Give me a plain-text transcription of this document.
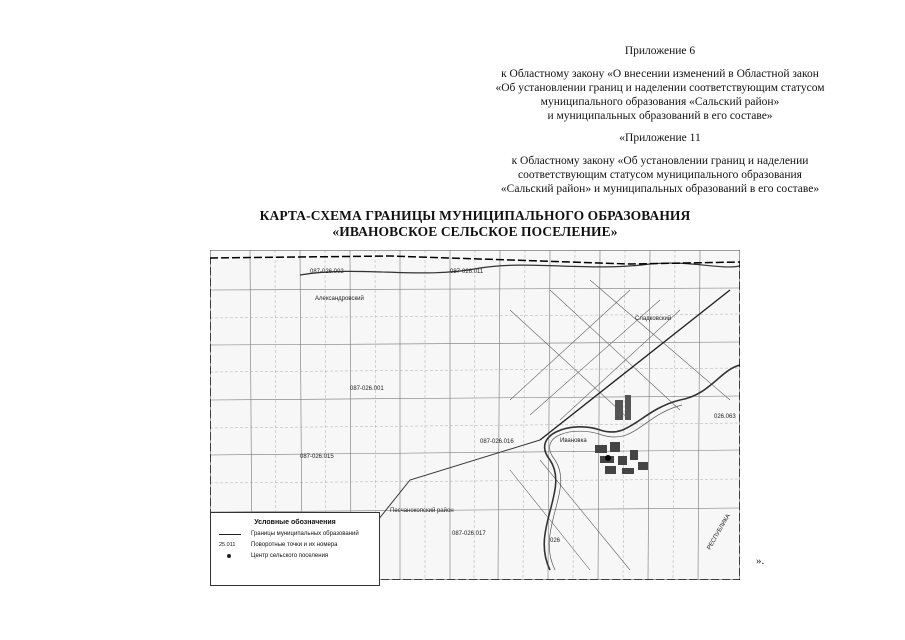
Приложение 6
к Областному закону «О внесении изменений в Областной закон
«Об установлении границ и наделении соответствующим статусом
муниципального образования «Сальский район»
и муниципальных образований в его составе»
«Приложение 11
к Областному закону «Об установлении границ и наделении
соответствующим статусом муниципального образования
«Сальский район» и муниципальных образований в его составе»
КАРТА-СХЕМА ГРАНИЦЫ МУНИЦИПАЛЬНОГО ОБРАЗОВАНИЯ
«ИВАНОВСКОЕ СЕЛЬСКОЕ ПОСЕЛЕНИЕ»
Александровский
Сладковский
Ивановка
Песчанокопский район
РЕСПУБЛИКА
087-026.002	087-026.011
087-026.001
087-026.016
087-026.015
026.063
087-026.017
026
Условные обозначения
Границы муниципальных образований
25.011	Поворотные точки и их номера
Центр сельского поселения	».
